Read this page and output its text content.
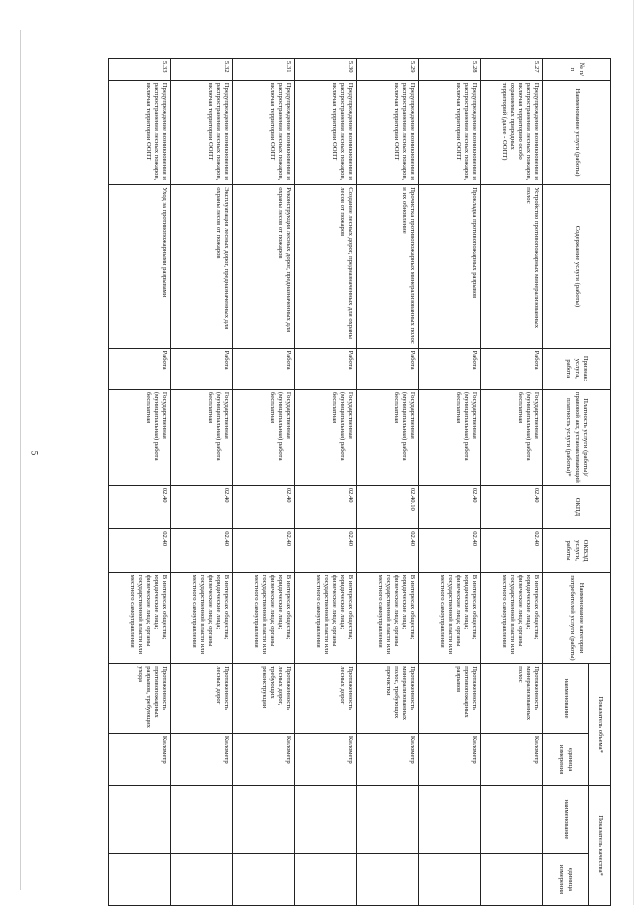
5
№ п/п	Наименование услуги (работы)	Содержание услуги (работы)	Признак: услуга, работа	Платность услуги (работы)/правовой акт, устанавливающий платность услуги (работы)*	ОКПД	ОКВЭД услуги, работы	Наименование категории потребителей услуги (работы)	Показатель объема*		Показатель качества*	
								наименование	единица измерения	наименование	единица измерения
5.27	Предупреждение возникновения и распространения лесных пожаров, включая территорию особо охраняемых природных территорий (далее - ООПТ)	Устройство противопожарных минерализованных полос	Работа	Государственная (муниципальная) работа бесплатная	02.40	02.40	В интересах общества; юридические лица; физические лица; органы государственной власти или местного самоуправления	Протяженность минерализованных полос	Километр		
5.28	Предупреждение возникновения и распространения лесных пожаров, включая территории ООПТ	Прокладка противопожарных разрывов	Работа	Государственная (муниципальная) работа бесплатная	02.40	02.40	В интересах общества; юридические лица; физические лица; органы государственной власти или местного самоуправления	Протяженность противопожарных разрывов	Километр		
5.29	Предупреждение возникновения и распространения лесных пожаров, включая территории ООПТ	Прочистка противопожарных минерализованных полос и их обновление	Работа	Государственная (муниципальная) работа бесплатная	02.40.10	02.40	В интересах общества; юридические лица; физические лица; органы государственной власти или местного самоуправления	Протяженность минерализованных полос, требующих прочистки	Километр		
5.30	Предупреждение возникновения и распространения лесных пожаров, включая территории ООПТ	Создание лесных дорог, предназначенных для охраны лесов от пожаров	Работа	Государственная (муниципальная) работа бесплатная	02.40	02.40	В интересах общества; юридические лица; физические лица; органы государственной власти или местного самоуправления	Протяженность лесных дорог	Километр		
5.31	Предупреждение возникновения и распространения лесных пожаров, включая территории ООПТ	Реконструкция лесных дорог, предназначенных для охраны лесов от пожаров	Работа	Государственная (муниципальная) работа бесплатная	02.40	02.40	В интересах общества; юридические лица; физические лица; органы государственной власти или местного самоуправления	Протяженность лесных дорог, требующих реконструкции	Километр		
5.32	Предупреждение возникновения и распространения лесных пожаров, включая территории ООПТ	Эксплуатация лесных дорог, предназначенных для охраны лесов от пожаров	Работа	Государственная (муниципальная) работа бесплатная	02.40	02.40	В интересах общества; юридические лица; физические лица; органы государственной власти или местного самоуправления	Протяженность лесных дорог	Километр		
5.33	Предупреждение возникновения и распространения лесных пожаров, включая территории ООПТ	Уход за противопожарными разрывами	Работа	Государственная (муниципальная) работа бесплатная	02.40	02.40	В интересах общества; юридические лица; физические лица; органы государственной власти или местного самоуправления	Протяженность противопожарных разрывов, требующих ухода	Километр		
